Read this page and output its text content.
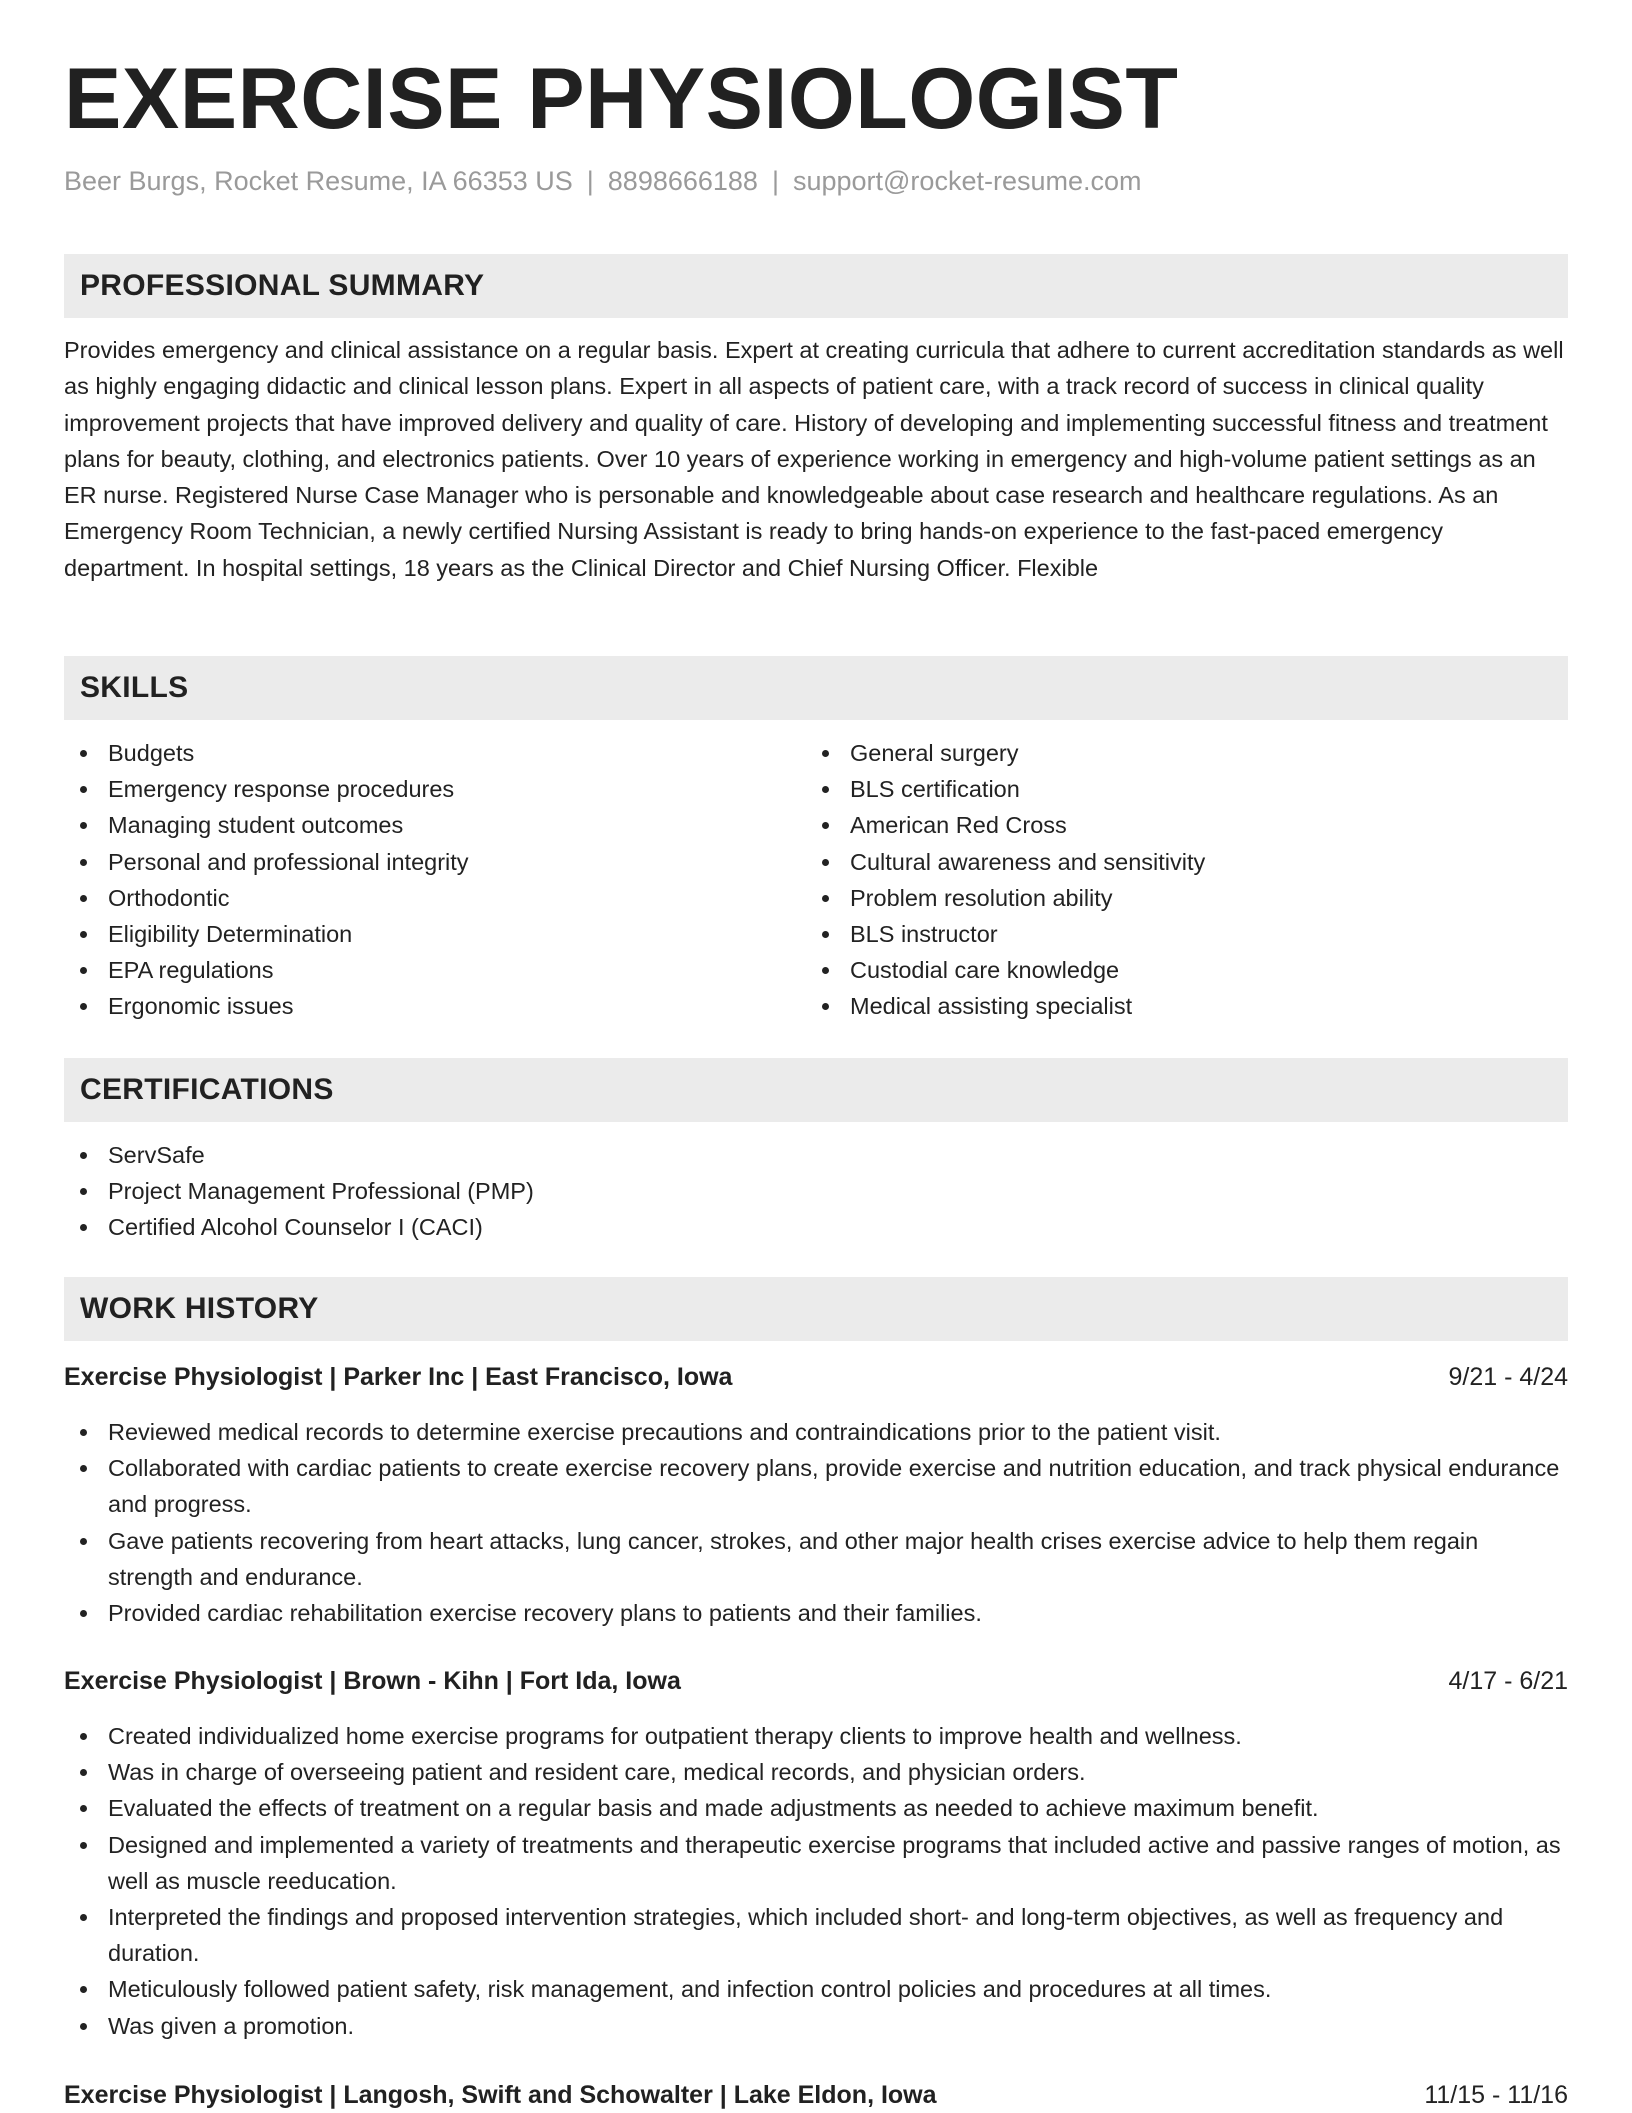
EXERCISE PHYSIOLOGIST
Beer Burgs, Rocket Resume, IA 66353 US | 8898666188 | support@rocket-resume.com
PROFESSIONAL SUMMARY

Provides emergency and clinical assistance on a regular basis. Expert at creating curricula that adhere to current accreditation standards as well as highly engaging didactic and clinical lesson plans. Expert in all aspects of patient care, with a track record of success in clinical quality improvement projects that have improved delivery and quality of care. History of developing and implementing successful fitness and treatment plans for beauty, clothing, and electronics patients. Over 10 years of experience working in emergency and high-volume patient settings as an ER nurse. Registered Nurse Case Manager who is personable and knowledgeable about case research and healthcare regulations. As an Emergency Room Technician, a newly certified Nursing Assistant is ready to bring hands-on experience to the fast-paced emergency department. In hospital settings, 18 years as the Clinical Director and Chief Nursing Officer. Flexible

SKILLS
Budgets
Emergency response procedures
Managing student outcomes
Personal and professional integrity
Orthodontic
Eligibility Determination
EPA regulations
Ergonomic issues
General surgery
BLS certification
American Red Cross
Cultural awareness and sensitivity
Problem resolution ability
BLS instructor
Custodial care knowledge
Medical assisting specialist
CERTIFICATIONS
ServSafe
Project Management Professional (PMP)
Certified Alcohol Counselor I (CACI)
WORK HISTORY
Exercise Physiologist | Parker Inc | East Francisco, Iowa	9/21 - 4/24
Reviewed medical records to determine exercise precautions and contraindications prior to the patient visit.
Collaborated with cardiac patients to create exercise recovery plans, provide exercise and nutrition education, and track physical endurance and progress.
Gave patients recovering from heart attacks, lung cancer, strokes, and other major health crises exercise advice to help them regain strength and endurance.
Provided cardiac rehabilitation exercise recovery plans to patients and their families.
Exercise Physiologist | Brown - Kihn | Fort Ida, Iowa	4/17 - 6/21
Created individualized home exercise programs for outpatient therapy clients to improve health and wellness.
Was in charge of overseeing patient and resident care, medical records, and physician orders.
Evaluated the effects of treatment on a regular basis and made adjustments as needed to achieve maximum benefit.
Designed and implemented a variety of treatments and therapeutic exercise programs that included active and passive ranges of motion, as well as muscle reeducation.
Interpreted the findings and proposed intervention strategies, which included short- and long-term objectives, as well as frequency and duration.
Meticulously followed patient safety, risk management, and infection control policies and procedures at all times.
Was given a promotion.
Exercise Physiologist | Langosh, Swift and Schowalter | Lake Eldon, Iowa	11/15 - 11/16
